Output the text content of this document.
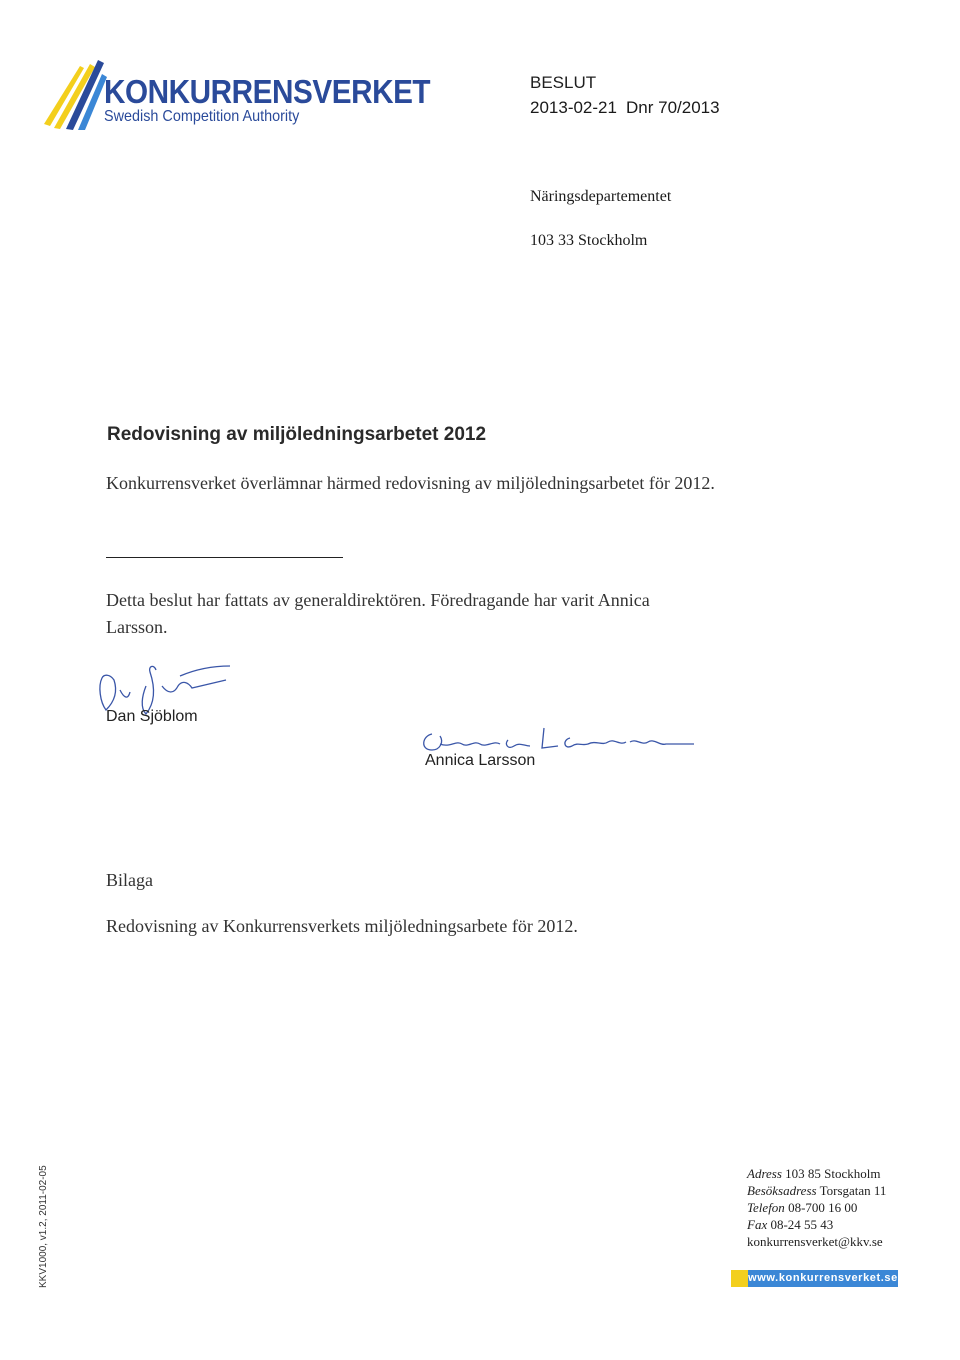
KONKURRENSVERKET
Swedish Competition Authority
BESLUT
2013-02-21 Dnr 70/2013
Näringsdepartementet
103 33 Stockholm
Redovisning av miljöledningsarbetet 2012

Konkurrensverket överlämnar härmed redovisning av miljöledningsarbetet för 2012.

Detta beslut har fattats av generaldirektören. Föredragande har varit Annica Larsson.

Dan Sjöblom
Annica Larsson
Bilaga
Redovisning av Konkurrensverkets miljöledningsarbete för 2012.
KKV1000, v1.2, 2011-02-05	Adress 103 85 Stockholm
Besöksadress Torsgatan 11
Telefon 08-700 16 00
Fax 08-24 55 43
konkurrensverket@kkv.se
www.konkurrensverket.se
